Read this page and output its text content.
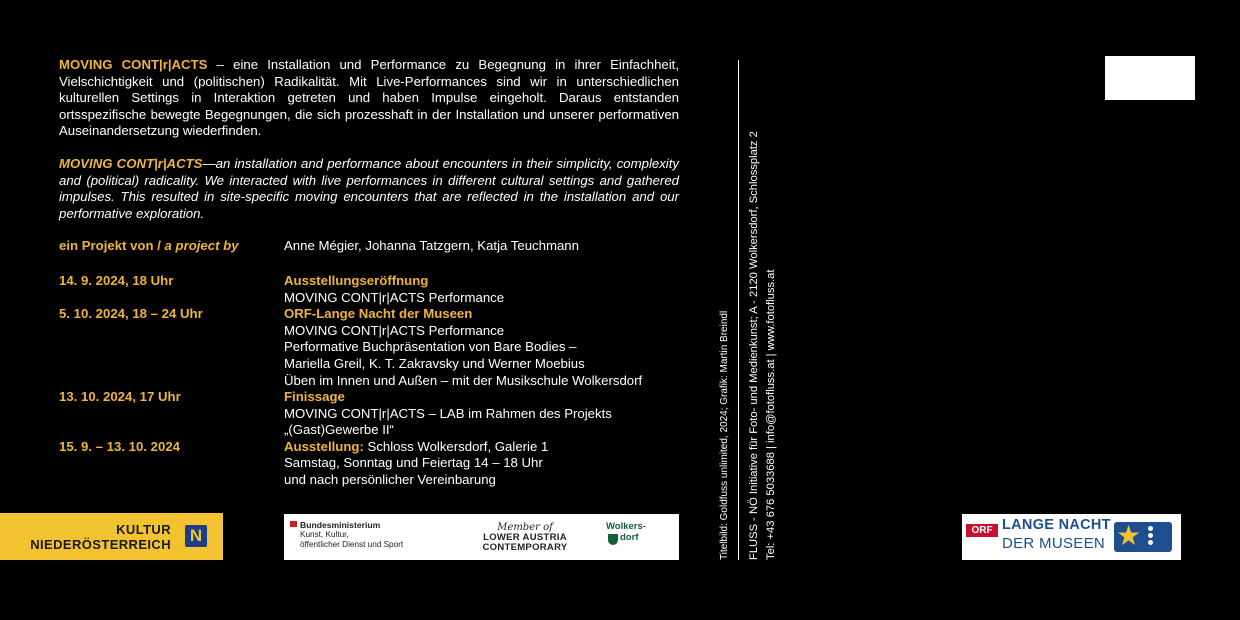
MOVING CONT|r|ACTS – eine Installation und Performance zu Begegnung in ihrer Einfachheit, Vielschichtigkeit und (politischen) Radikalität. Mit Live-Performances sind wir in unterschiedlichen kulturellen Settings in Interaktion getreten und haben Impulse eingeholt. Daraus entstanden ortsspezifische bewegte Begegnungen, die sich prozesshaft in der Installation und unserer performativen Auseinandersetzung wiederfinden.

MOVING CONT|r|ACTS—an installation and performance about encounters in their simplicity, complexity and (political) radicality. We interacted with live performances in different cultural settings and gathered impulses. This resulted in site-specific moving encounters that are reflected in the installation and our performative exploration.

ein Projekt von / a project by	Anne Mégier, Johanna Tatzgern, Katja Teuchmann
14. 9. 2024, 18 Uhr	Ausstellungseröffnung
MOVING CONT|r|ACTS Performance
5. 10. 2024, 18 – 24 Uhr	ORF-Lange Nacht der Museen
MOVING CONT|r|ACTS Performance
Performative Buchpräsentation von Bare Bodies –
Mariella Greil, K. T. Zakravsky und Werner Moebius
Üben im Innen und Außen – mit der Musikschule Wolkersdorf
13. 10. 2024, 17 Uhr	Finissage
MOVING CONT|r|ACTS – LAB im Rahmen des Projekts
„(Gast)Gewerbe II“
15. 9. – 13. 10. 2024	Ausstellung: Schloss Wolkersdorf, Galerie 1
Samstag, Sonntag und Feiertag 14 – 18 Uhr
und nach persönlicher Vereinbarung
KULTUR
NIEDERÖSTERREICH N
Bundesministerium
Kunst, Kultur,
öffentlicher Dienst und Sport
Member of
LOWER AUSTRIA
CONTEMPORARY
Wolkers-
dorf	Titelbild: Goldfuss unlimited, 2024; Grafik: Martin Breindl FLUSS - NÖ Initiative für Foto- und Medienkunst; A - 2120 Wolkersdorf, Schlossplatz 2 Tel: +43 676 5033688 | info@fotofluss.at | www.fotofluss.at	ORF LANGE NACHT
DER MUSEEN ★
